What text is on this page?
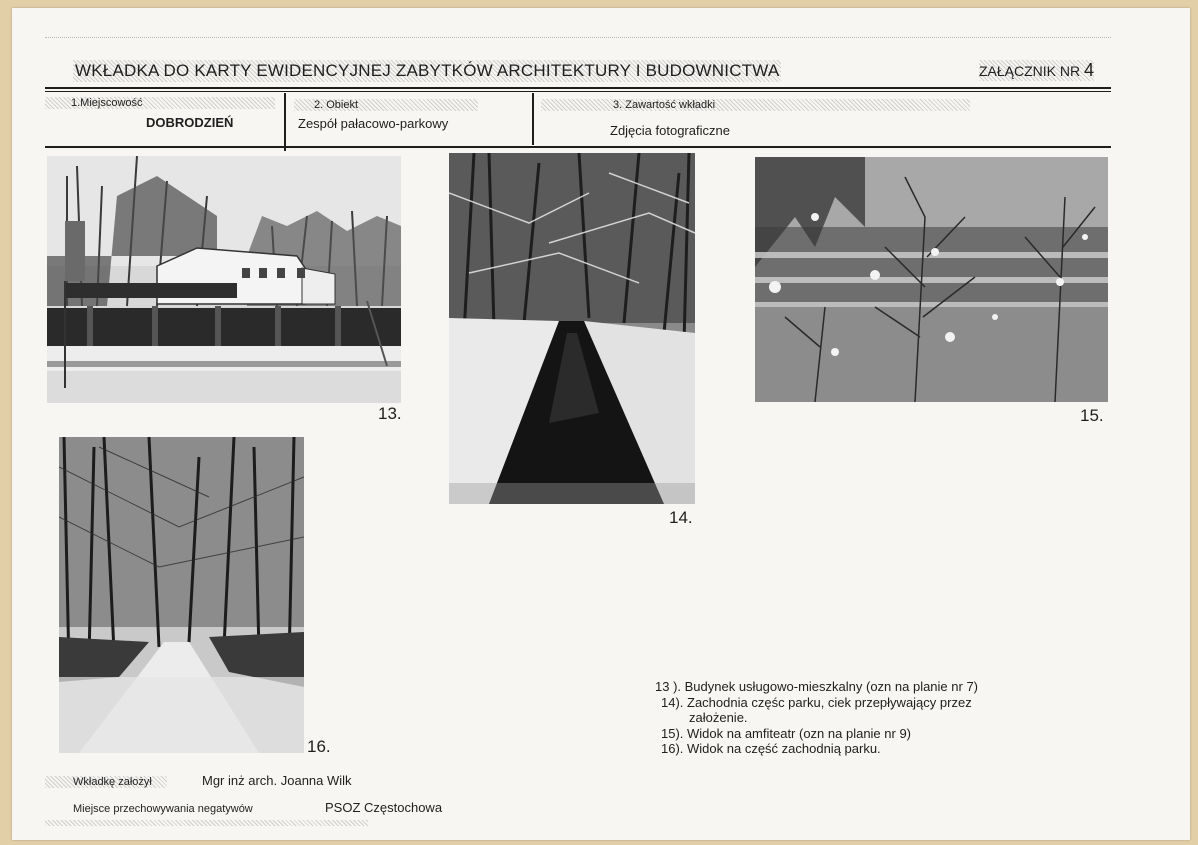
WKŁADKA DO KARTY EWIDENCYJNEJ ZABYTKÓW ARCHITEKTURY I BUDOWNICTWA	ZAŁĄCZNIK NR 4
1.Miejscowość
DOBRODZIEŃ
2. Obiekt
Zespół pałacowo-parkowy
3. Zawartość wkładki
Zdjęcia fotograficzne
13.
14.
15.
16.
13 ). Budynek usługowo-mieszkalny (ozn na planie nr 7)
14). Zachodnia częśc parku, ciek przepływający przez
założenie.
15). Widok na amfiteatr (ozn na planie nr 9)
16). Widok na część zachodnią parku.
Wkładkę założył	Mgr inż arch. Joanna Wilk
Miejsce przechowywania negatywów	PSOZ Częstochowa
